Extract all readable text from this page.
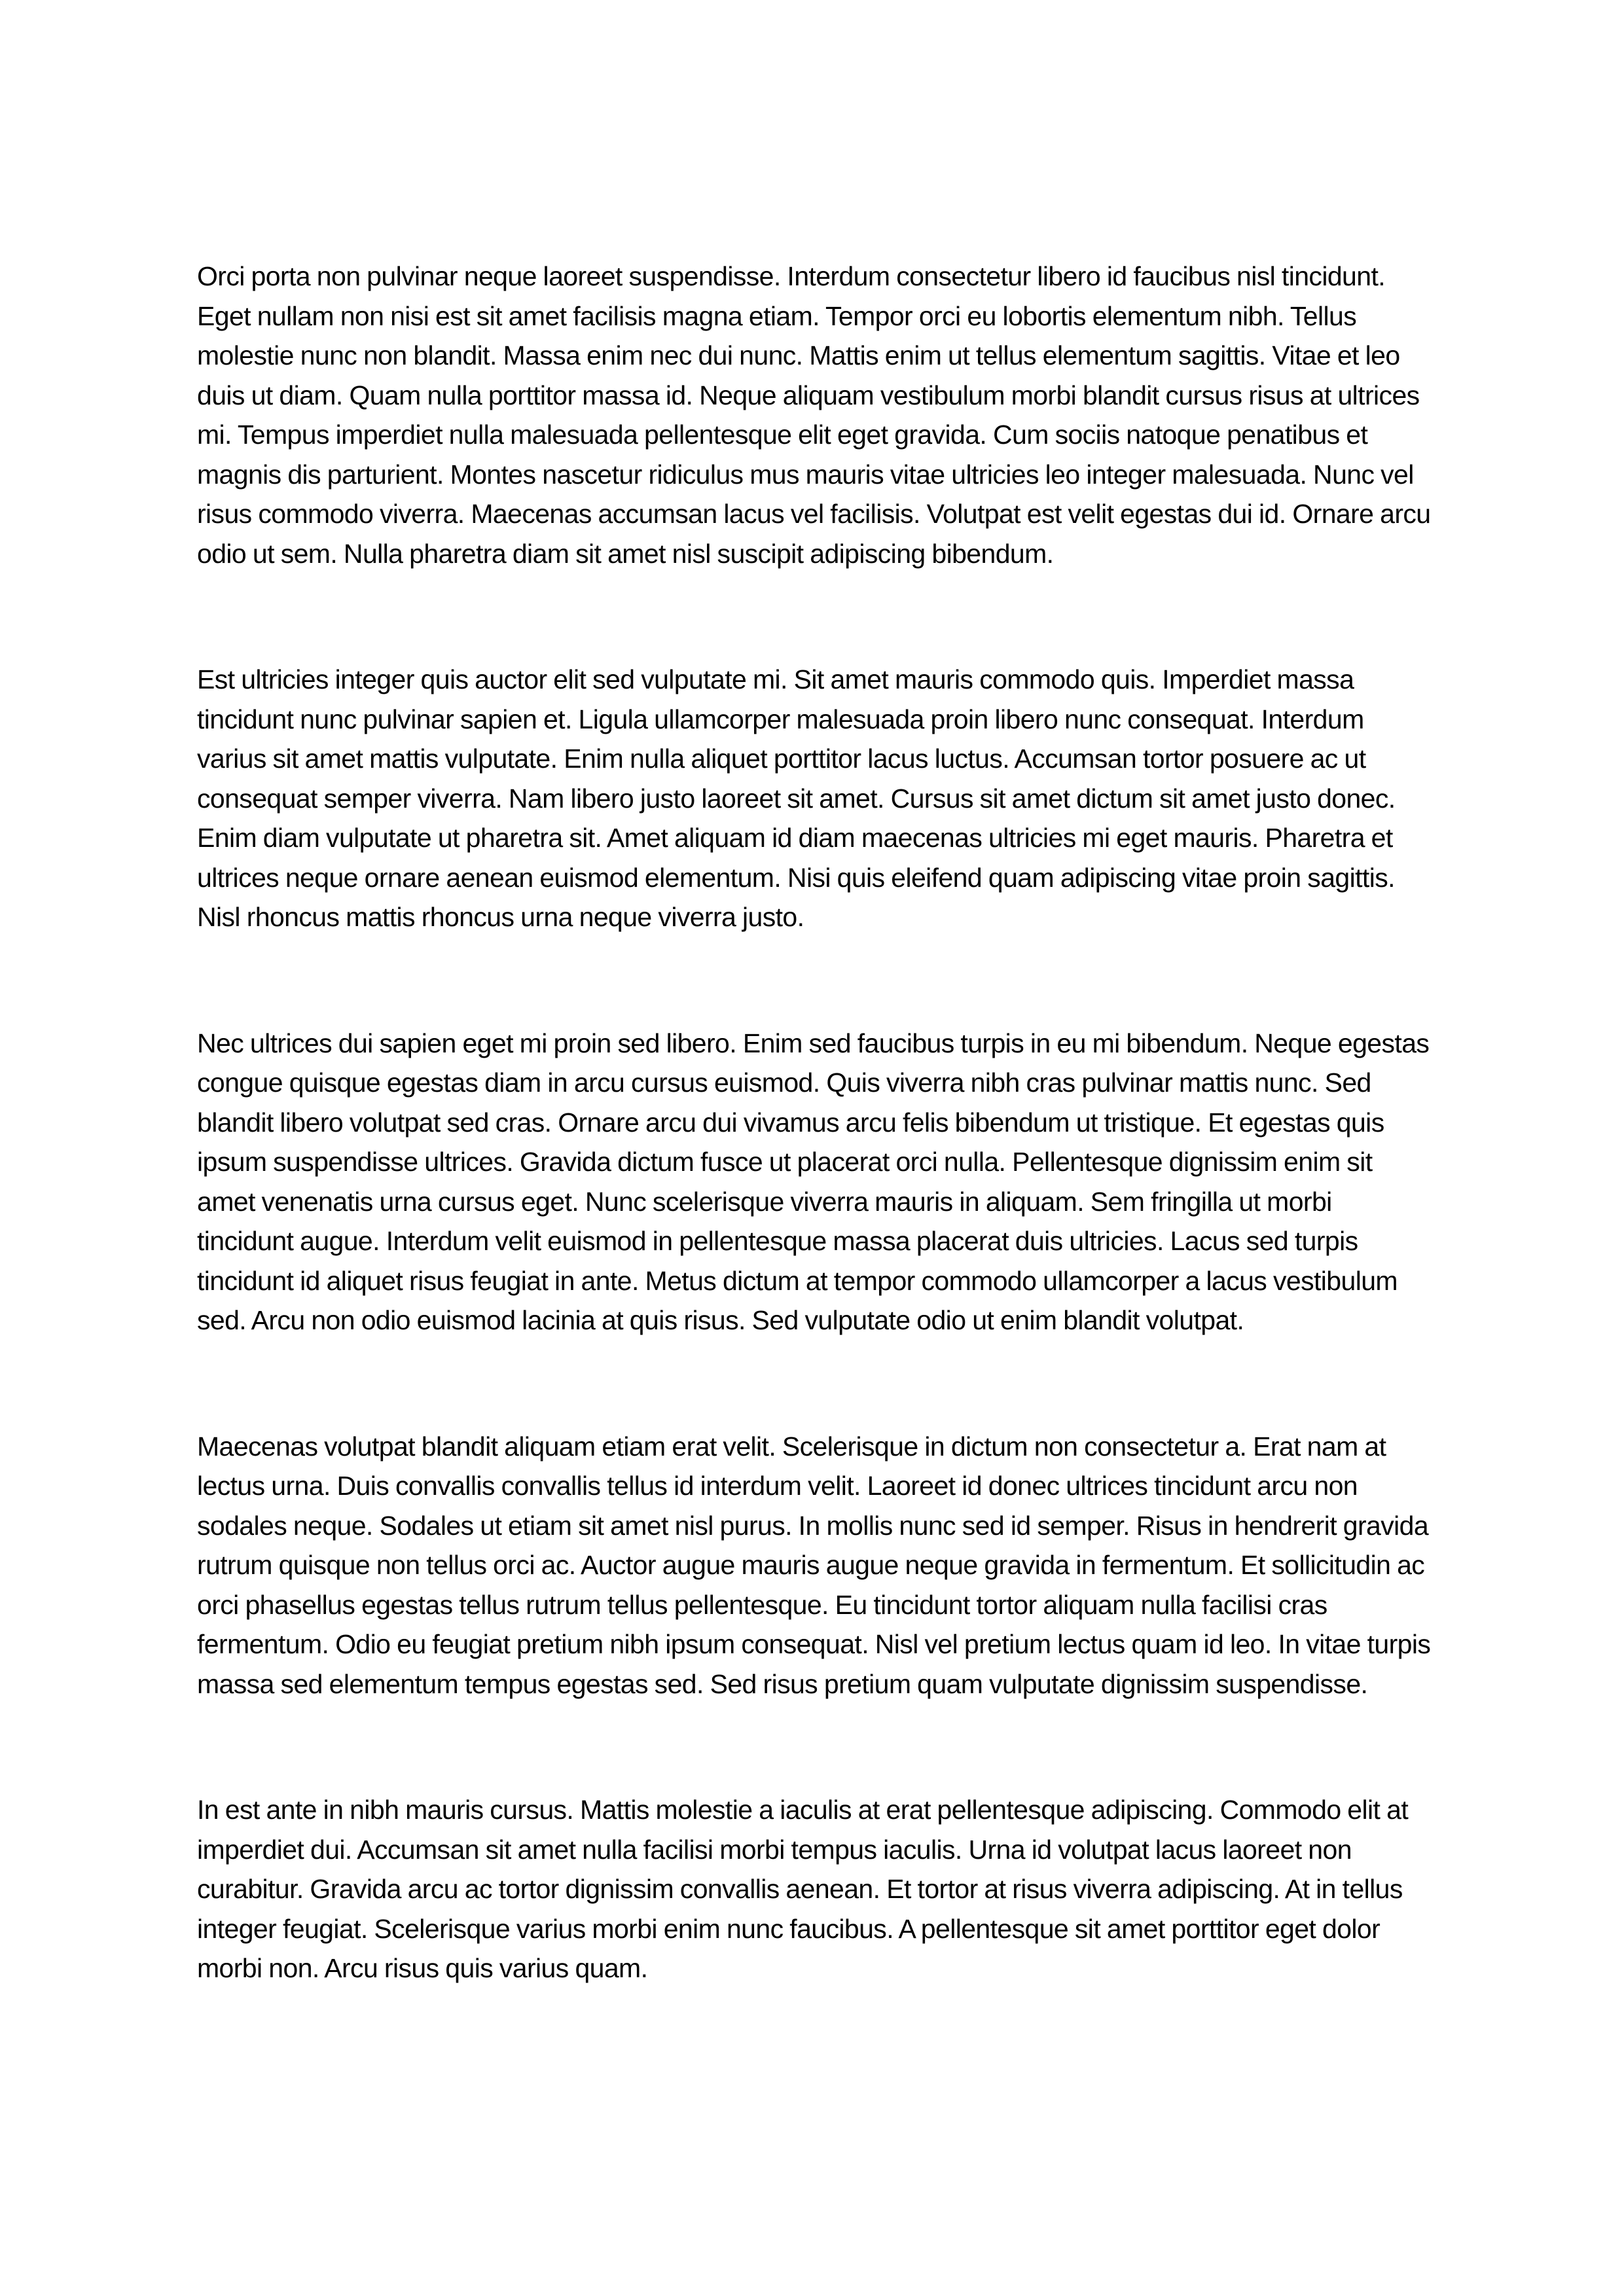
Orci porta non pulvinar neque laoreet suspendisse. Interdum consectetur libero id faucibus nisl tincidunt. Eget nullam non nisi est sit amet facilisis magna etiam. Tempor orci eu lobortis elementum nibh. Tellus molestie nunc non blandit. Massa enim nec dui nunc. Mattis enim ut tellus elementum sagittis. Vitae et leo duis ut diam. Quam nulla porttitor massa id. Neque aliquam vestibulum morbi blandit cursus risus at ultrices mi. Tempus imperdiet nulla malesuada pellentesque elit eget gravida. Cum sociis natoque penatibus et magnis dis parturient. Montes nascetur ridiculus mus mauris vitae ultricies leo integer malesuada. Nunc vel risus commodo viverra. Maecenas accumsan lacus vel facilisis. Volutpat est velit egestas dui id. Ornare arcu odio ut sem. Nulla pharetra diam sit amet nisl suscipit adipiscing bibendum.

Est ultricies integer quis auctor elit sed vulputate mi. Sit amet mauris commodo quis. Imperdiet massa tincidunt nunc pulvinar sapien et. Ligula ullamcorper malesuada proin libero nunc consequat. Interdum varius sit amet mattis vulputate. Enim nulla aliquet porttitor lacus luctus. Accumsan tortor posuere ac ut consequat semper viverra. Nam libero justo laoreet sit amet. Cursus sit amet dictum sit amet justo donec. Enim diam vulputate ut pharetra sit. Amet aliquam id diam maecenas ultricies mi eget mauris. Pharetra et ultrices neque ornare aenean euismod elementum. Nisi quis eleifend quam adipiscing vitae proin sagittis. Nisl rhoncus mattis rhoncus urna neque viverra justo.

Nec ultrices dui sapien eget mi proin sed libero. Enim sed faucibus turpis in eu mi bibendum. Neque egestas congue quisque egestas diam in arcu cursus euismod. Quis viverra nibh cras pulvinar mattis nunc. Sed blandit libero volutpat sed cras. Ornare arcu dui vivamus arcu felis bibendum ut tristique. Et egestas quis ipsum suspendisse ultrices. Gravida dictum fusce ut placerat orci nulla. Pellentesque dignissim enim sit amet venenatis urna cursus eget. Nunc scelerisque viverra mauris in aliquam. Sem fringilla ut morbi tincidunt augue. Interdum velit euismod in pellentesque massa placerat duis ultricies. Lacus sed turpis tincidunt id aliquet risus feugiat in ante. Metus dictum at tempor commodo ullamcorper a lacus vestibulum sed. Arcu non odio euismod lacinia at quis risus. Sed vulputate odio ut enim blandit volutpat.

Maecenas volutpat blandit aliquam etiam erat velit. Scelerisque in dictum non consectetur a. Erat nam at lectus urna. Duis convallis convallis tellus id interdum velit. Laoreet id donec ultrices tincidunt arcu non sodales neque. Sodales ut etiam sit amet nisl purus. In mollis nunc sed id semper. Risus in hendrerit gravida rutrum quisque non tellus orci ac. Auctor augue mauris augue neque gravida in fermentum. Et sollicitudin ac orci phasellus egestas tellus rutrum tellus pellentesque. Eu tincidunt tortor aliquam nulla facilisi cras fermentum. Odio eu feugiat pretium nibh ipsum consequat. Nisl vel pretium lectus quam id leo. In vitae turpis massa sed elementum tempus egestas sed. Sed risus pretium quam vulputate dignissim suspendisse.

In est ante in nibh mauris cursus. Mattis molestie a iaculis at erat pellentesque adipiscing. Commodo elit at imperdiet dui. Accumsan sit amet nulla facilisi morbi tempus iaculis. Urna id volutpat lacus laoreet non curabitur. Gravida arcu ac tortor dignissim convallis aenean. Et tortor at risus viverra adipiscing. At in tellus integer feugiat. Scelerisque varius morbi enim nunc faucibus. A pellentesque sit amet porttitor eget dolor morbi non. Arcu risus quis varius quam.
